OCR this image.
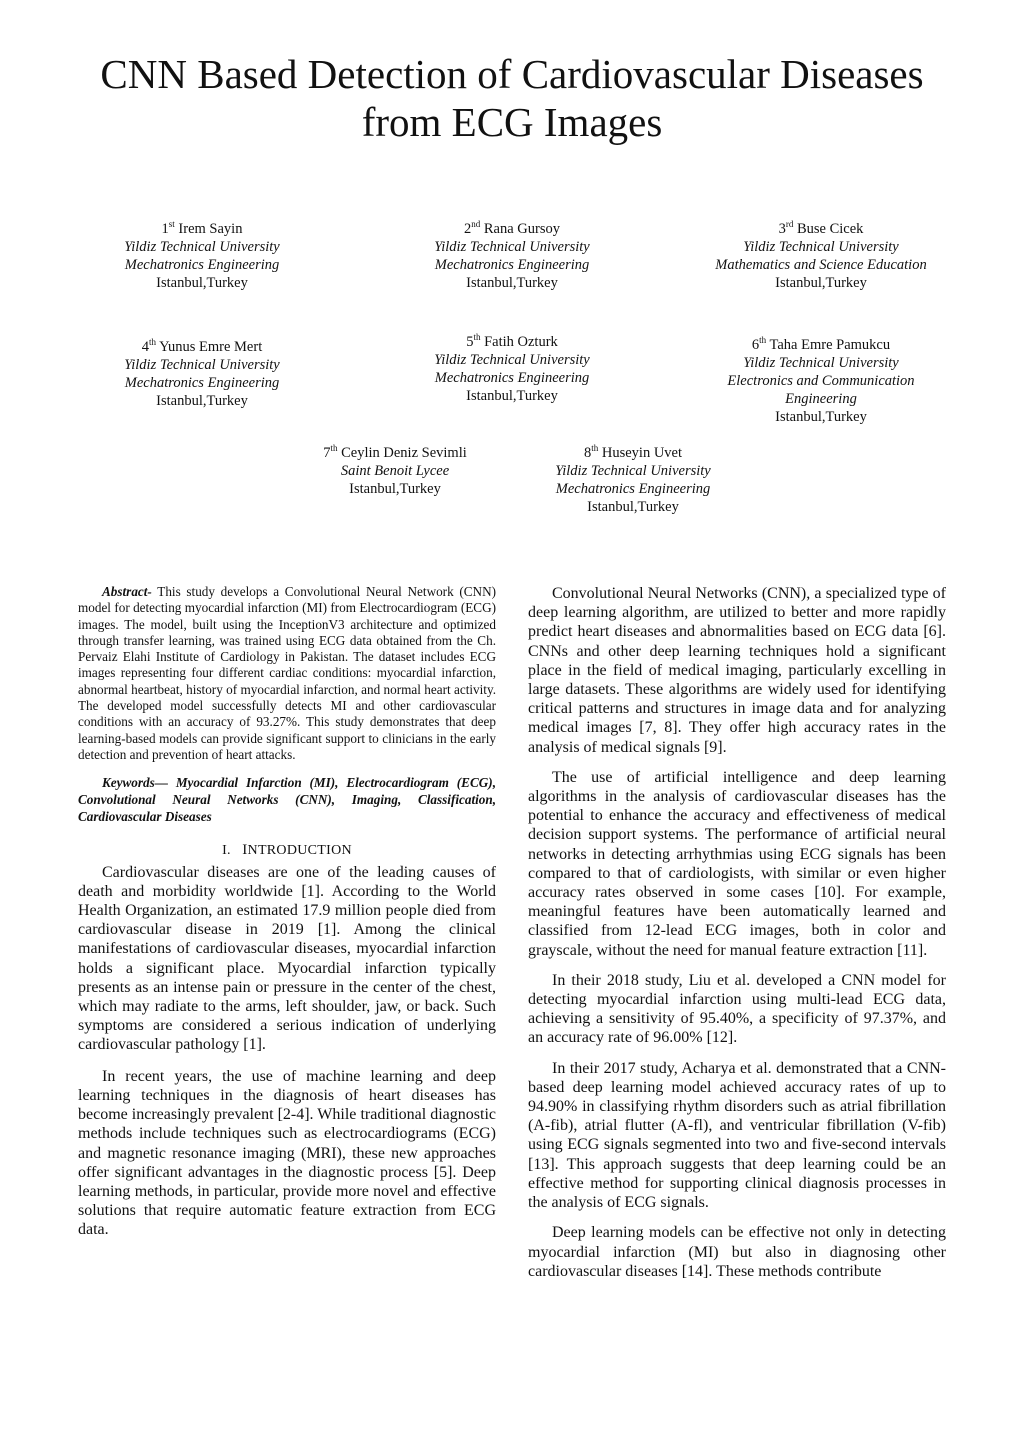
CNN Based Detection of Cardiovascular Diseases
from ECG Images
1st Irem Sayin
Yildiz Technical University
Mechatronics Engineering
Istanbul,Turkey
2nd Rana Gursoy
Yildiz Technical University
Mechatronics Engineering
Istanbul,Turkey
3rd Buse Cicek
Yildiz Technical University
Mathematics and Science Education
Istanbul,Turkey
4th Yunus Emre Mert
Yildiz Technical University
Mechatronics Engineering
Istanbul,Turkey
5th Fatih Ozturk
Yildiz Technical University
Mechatronics Engineering
Istanbul,Turkey
6th Taha Emre Pamukcu
Yildiz Technical University
Electronics and Communication
Engineering
Istanbul,Turkey
7th Ceylin Deniz Sevimli
Saint Benoit Lycee
Istanbul,Turkey
8th Huseyin Uvet
Yildiz Technical University
Mechatronics Engineering
Istanbul,Turkey

Abstract- This study develops a Convolutional Neural Network (CNN) model for detecting myocardial infarction (MI) from Electrocardiogram (ECG) images. The model, built using the InceptionV3 architecture and optimized through transfer learning, was trained using ECG data obtained from the Ch. Pervaiz Elahi Institute of Cardiology in Pakistan. The dataset includes ECG images representing four different cardiac conditions: myocardial infarction, abnormal heartbeat, history of myocardial infarction, and normal heart activity. The developed model successfully detects MI and other cardiovascular conditions with an accuracy of 93.27%. This study demonstrates that deep learning-based models can provide significant support to clinicians in the early detection and prevention of heart attacks.

Keywords— Myocardial Infarction (MI), Electrocardiogram (ECG), Convolutional Neural Networks (CNN), Imaging, Classification, Cardiovascular Diseases

I. INTRODUCTION

Cardiovascular diseases are one of the leading causes of death and morbidity worldwide [1]. According to the World Health Organization, an estimated 17.9 million people died from cardiovascular disease in 2019 [1]. Among the clinical manifestations of cardiovascular diseases, myocardial infarction holds a significant place. Myocardial infarction typically presents as an intense pain or pressure in the center of the chest, which may radiate to the arms, left shoulder, jaw, or back. Such symptoms are considered a serious indication of underlying cardiovascular pathology [1].

In recent years, the use of machine learning and deep learning techniques in the diagnosis of heart diseases has become increasingly prevalent [2-4]. While traditional diagnostic methods include techniques such as electrocardiograms (ECG) and magnetic resonance imaging (MRI), these new approaches offer significant advantages in the diagnostic process [5]. Deep learning methods, in particular, provide more novel and effective solutions that require automatic feature extraction from ECG data.

Convolutional Neural Networks (CNN), a specialized type of deep learning algorithm, are utilized to better and more rapidly predict heart diseases and abnormalities based on ECG data [6]. CNNs and other deep learning techniques hold a significant place in the field of medical imaging, particularly excelling in large datasets. These algorithms are widely used for identifying critical patterns and structures in image data and for analyzing medical images [7, 8]. They offer high accuracy rates in the analysis of medical signals [9].

The use of artificial intelligence and deep learning algorithms in the analysis of cardiovascular diseases has the potential to enhance the accuracy and effectiveness of medical decision support systems. The performance of artificial neural networks in detecting arrhythmias using ECG signals has been compared to that of cardiologists, with similar or even higher accuracy rates observed in some cases [10]. For example, meaningful features have been automatically learned and classified from 12-lead ECG images, both in color and grayscale, without the need for manual feature extraction [11].

In their 2018 study, Liu et al. developed a CNN model for detecting myocardial infarction using multi-lead ECG data, achieving a sensitivity of 95.40%, a specificity of 97.37%, and an accuracy rate of 96.00% [12].

In their 2017 study, Acharya et al. demonstrated that a CNN-based deep learning model achieved accuracy rates of up to 94.90% in classifying rhythm disorders such as atrial fibrillation (A-fib), atrial flutter (A-fl), and ventricular fibrillation (V-fib) using ECG signals segmented into two and five-second intervals [13]. This approach suggests that deep learning could be an effective method for supporting clinical diagnosis processes in the analysis of ECG signals.

Deep learning models can be effective not only in detecting myocardial infarction (MI) but also in diagnosing other cardiovascular diseases [14]. These methods contribute
